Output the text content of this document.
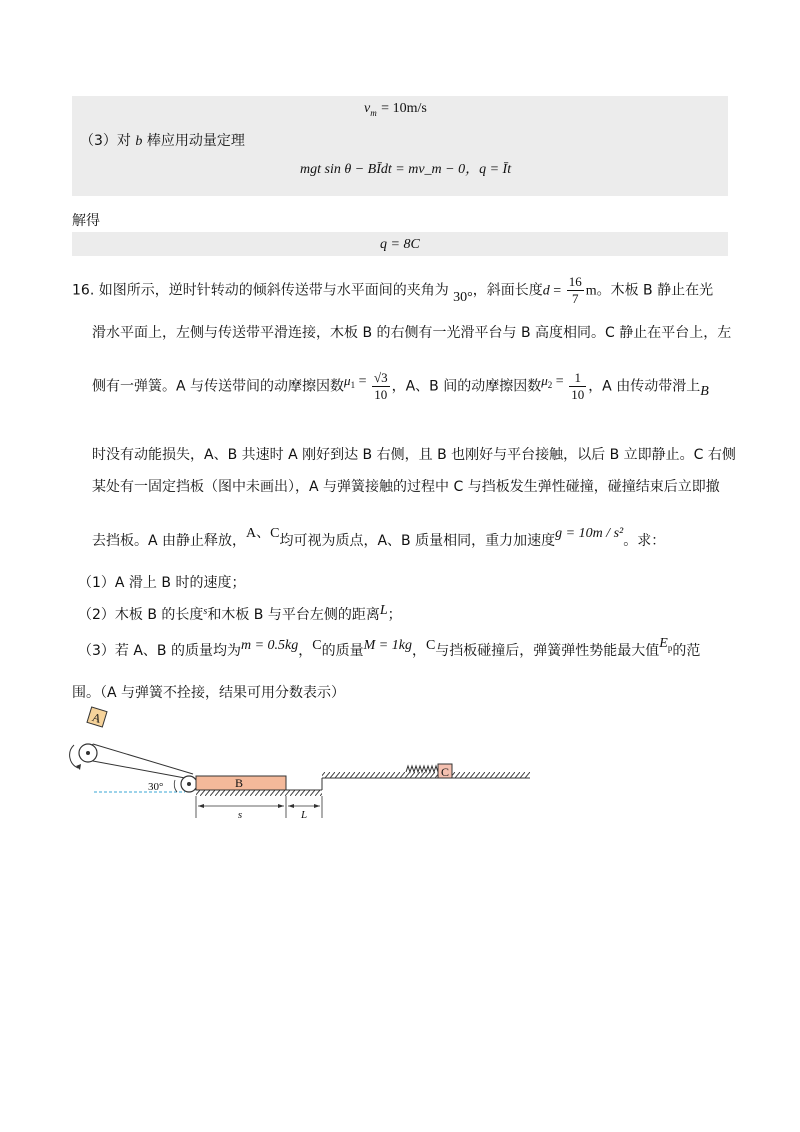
$v_m = 10m/s$
（3）对 b 棒应用动量定理
mgt sin θ − BĪdt = mv_m − 0，q = Īt
解得
q = 8C
16. 如图所示，逆时针转动的倾斜传送带与水平面间的夹角为 30°，斜面长度$d = \frac{16}{7}$ m。木板 B 静止在光
滑水平面上，左侧与传送带平滑连接，木板 B 的右侧有一光滑平台与 B 高度相同。C 静止在平台上，左
侧有一弹簧。A 与传送带间的动摩擦因数$\mu_1 = \frac{√3}{10}$ ，A、B 间的动摩擦因数$\mu_2 = \frac{1}{10}$ ，A 由传动带滑上B
时没有动能损失，A、B 共速时 A 刚好到达 B 右侧，且 B 也刚好与平台接触，以后 B 立即静止。C 右侧
某处有一固定挡板（图中未画出），A 与弹簧接触的过程中 C 与挡板发生弹性碰撞，碰撞结束后立即撤
去挡板。A 由静止释放，A、C均可视为质点，A、B 质量相同，重力加速度g = 10m / s²。求：
（1）A 滑上 B 时的速度；
（2）木板 B 的长度$^s$和木板 B 与平台左侧的距离L；
（3）若 A、B 的质量均为m = 0.5kg，C的质量M = 1kg，C与挡板碰撞后，弹簧弹性势能最大值$E_p$的范
围。（A 与弹簧不拴接，结果可用分数表示）
A
30°	B
C
s	L
